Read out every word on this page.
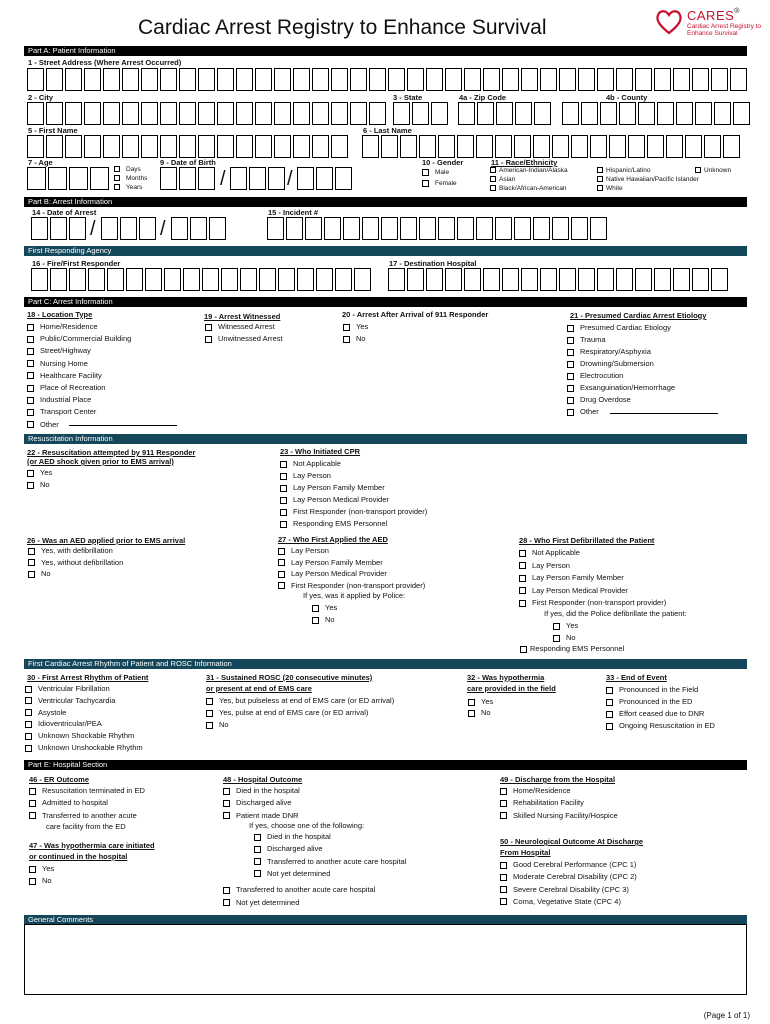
Cardiac Arrest Registry to Enhance Survival
CARES®
Cardiac Arrest Registry to Enhance Survival
Part A: Patient Information
1 - Street Address (Where Arrest Occurred)
2 - City	3 - State	4a - Zip Code	4b - County
5 - First Name	6 - Last Name
7 - Age
Days
Months
Years
9 - Date of Birth
/	/
10 - Gender
Male
Female
11 - Race/Ethnicity
American-Indian/Alaska
Asian
Black/African-American
Hispanic/Latino
Native Hawaiian/Pacific Islander
White
Unknown
Part B: Arrest Information
14 - Date of Arrest
/	/
15 - Incident #
First Responding Agency
16 - Fire/First Responder	17 - Destination Hospital
Part C: Arrest Information
18 - Location Type
Home/Residence
Public/Commercial Building
Street/Highway
Nursing Home
Healthcare Facility
Place of Recreation
Industrial Place
Transport Center
Other
19 - Arrest Witnessed
Witnessed Arrest
Unwitnessed Arrest
20 - Arrest After Arrival of 911 Responder
Yes
No
21 - Presumed Cardiac Arrest Etiology
Presumed Cardiac Etiology
Trauma
Respiratory/Asphyxia
Drowning/Submersion
Electrocution
Exsanguination/Hemorrhage
Drug Overdose
Other
Resuscitation Information
22 - Resuscitation attempted by 911 Responder
(or AED shock given prior to EMS arrival)
Yes
No
23 - Who Initiated CPR
Not Applicable
Lay Person
Lay Person Family Member
Lay Person Medical Provider
First Responder (non-transport provider)
Responding EMS Personnel
26 - Was an AED applied prior to EMS arrival
Yes, with defibrillation
Yes, without defibrillation
No
27 - Who First Applied the AED
Lay Person
Lay Person Family Member
Lay Person Medical Provider
First Responder (non-transport provider)
If yes, was it applied by Police:
Yes
No
28 - Who First Defibrillated the Patient
Not Applicable
Lay Person
Lay Person Family Member
Lay Person Medical Provider
First Responder (non-transport provider)
If yes, did the Police defibrillate the patient:
Yes
No
Responding EMS Personnel
First Cardiac Arrest Rhythm of Patient and ROSC Information
30 - First Arrest Rhythm of Patient
Ventricular Fibrillation
Ventricular Tachycardia
Asystole
Idioventricular/PEA
Unknown Shockable Rhythm
Unknown Unshockable Rhythm
31 - Sustained ROSC (20 consecutive minutes)
or present at end of EMS care
Yes, but pulseless at end of EMS care (or ED arrival)
Yes, pulse at end of EMS care (or ED arrival)
No
32 - Was hypothermia
care provided in the field
Yes
No
33 - End of Event
Pronounced in the Field
Pronounced in the ED
Effort ceased due to DNR
Ongoing Resuscitation in ED
Part E: Hospital Section
46 - ER Outcome
Resuscitation terminated in ED
Admitted to hospital
Transferred to another acute
care facility from the ED
47 - Was hypothermia care initiated
or continued in the hospital
Yes
No
48 - Hospital Outcome
Died in the hospital
Discharged alive
Patient made DNR
If yes, choose one of the following:
Died in the hospital
Discharged alive
Transferred to another acute care hospital
Not yet determined
Transferred to another acute care hospital
Not yet determined
49 - Discharge from the Hospital
Home/Residence
Rehabilitation Facility
Skilled Nursing Facility/Hospice
50 - Neurological Outcome At Discharge
From Hospital
Good Cerebral Performance (CPC 1)
Moderate Cerebral Disability (CPC 2)
Severe Cerebral Disability (CPC 3)
Coma, Vegetative State (CPC 4)
General Comments
(Page 1 of 1)
